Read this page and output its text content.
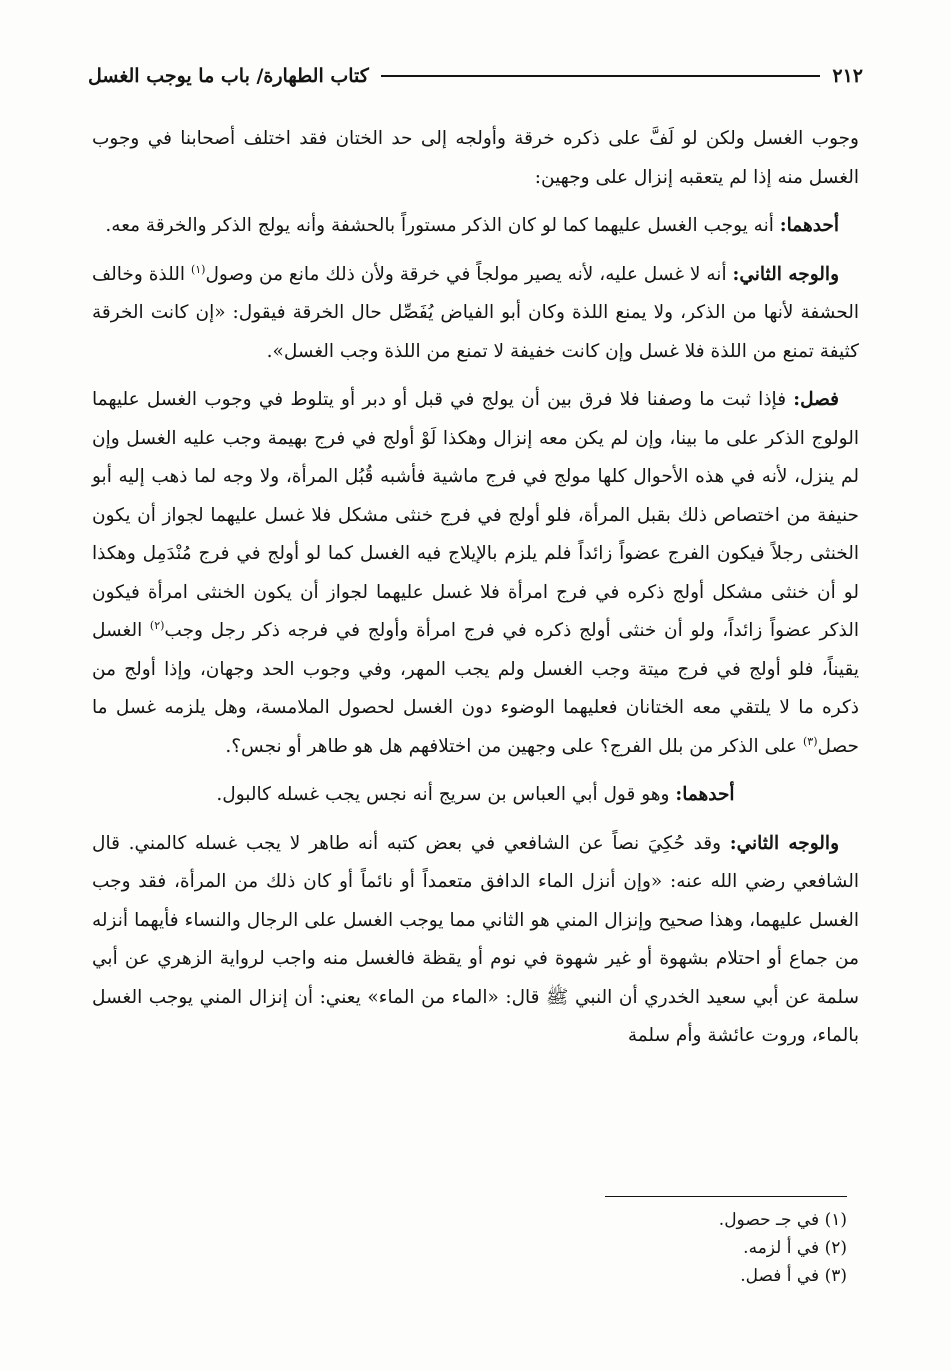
٢١٢
كتاب الطهارة/ باب ما يوجب الغسل

وجوب الغسل ولكن لو لَفَّ على ذكره خرقة وأولجه إلى حد الختان فقد اختلف أصحابنا في وجوب الغسل منه إذا لم يتعقبه إنزال على وجهين:

أحدهما: أنه يوجب الغسل عليهما كما لو كان الذكر مستوراً بالحشفة وأنه يولج الذكر والخرقة معه.

والوجه الثاني: أنه لا غسل عليه، لأنه يصير مولجاً في خرقة ولأن ذلك مانع من وصول$^{(١)}$ اللذة وخالف الحشفة لأنها من الذكر، ولا يمنع اللذة وكان أبو الفياض يُفَصِّل حال الخرقة فيقول: «إن كانت الخرقة كثيفة تمنع من اللذة فلا غسل وإن كانت خفيفة لا تمنع من اللذة وجب الغسل».

فصل: فإذا ثبت ما وصفنا فلا فرق بين أن يولج في قبل أو دبر أو يتلوط في وجوب الغسل عليهما الولوج الذكر على ما بينا، وإن لم يكن معه إنزال وهكذا لَوْ أولج في فرج بهيمة وجب عليه الغسل وإن لم ينزل، لأنه في هذه الأحوال كلها مولج في فرج ماشية فأشبه قُبُل المرأة، ولا وجه لما ذهب إليه أبو حنيفة من اختصاص ذلك بقبل المرأة، فلو أولج في فرج خنثى مشكل فلا غسل عليهما لجواز أن يكون الخنثى رجلاً فيكون الفرج عضواً زائداً فلم يلزم بالإيلاج فيه الغسل كما لو أولج في فرج مُنْدَمِل وهكذا لو أن خنثى مشكل أولج ذكره في فرج امرأة فلا غسل عليهما لجواز أن يكون الخنثى امرأة فيكون الذكر عضواً زائداً، ولو أن خنثى أولج ذكره في فرج امرأة وأولج في فرجه ذكر رجل وجب$^{(٢)}$ الغسل يقيناً، فلو أولج في فرج ميتة وجب الغسل ولم يجب المهر، وفي وجوب الحد وجهان، وإذا أولج من ذكره ما لا يلتقي معه الختانان فعليهما الوضوء دون الغسل لحصول الملامسة، وهل يلزمه غسل ما حصل$^{(٣)}$ على الذكر من بلل الفرج؟ على وجهين من اختلافهم هل هو طاهر أو نجس؟.

أحدهما: وهو قول أبي العباس بن سريج أنه نجس يجب غسله كالبول.

والوجه الثاني: وقد حُكِيَ نصاً عن الشافعي في بعض كتبه أنه طاهر لا يجب غسله كالمني. قال الشافعي رضي الله عنه: «وإن أنزل الماء الدافق متعمداً أو نائماً أو كان ذلك من المرأة، فقد وجب الغسل عليهما، وهذا صحيح وإنزال المني هو الثاني مما يوجب الغسل على الرجال والنساء فأيهما أنزله من جماع أو احتلام بشهوة أو غير شهوة في نوم أو يقظة فالغسل منه واجب لرواية الزهري عن أبي سلمة عن أبي سعيد الخدري أن النبي ﷺ قال: «الماء من الماء» يعني: أن إنزال المني يوجب الغسل بالماء، وروت عائشة وأم سلمة

(١) في جـ حصول.
(٢) في أ لزمه.
(٣) في أ فصل.
